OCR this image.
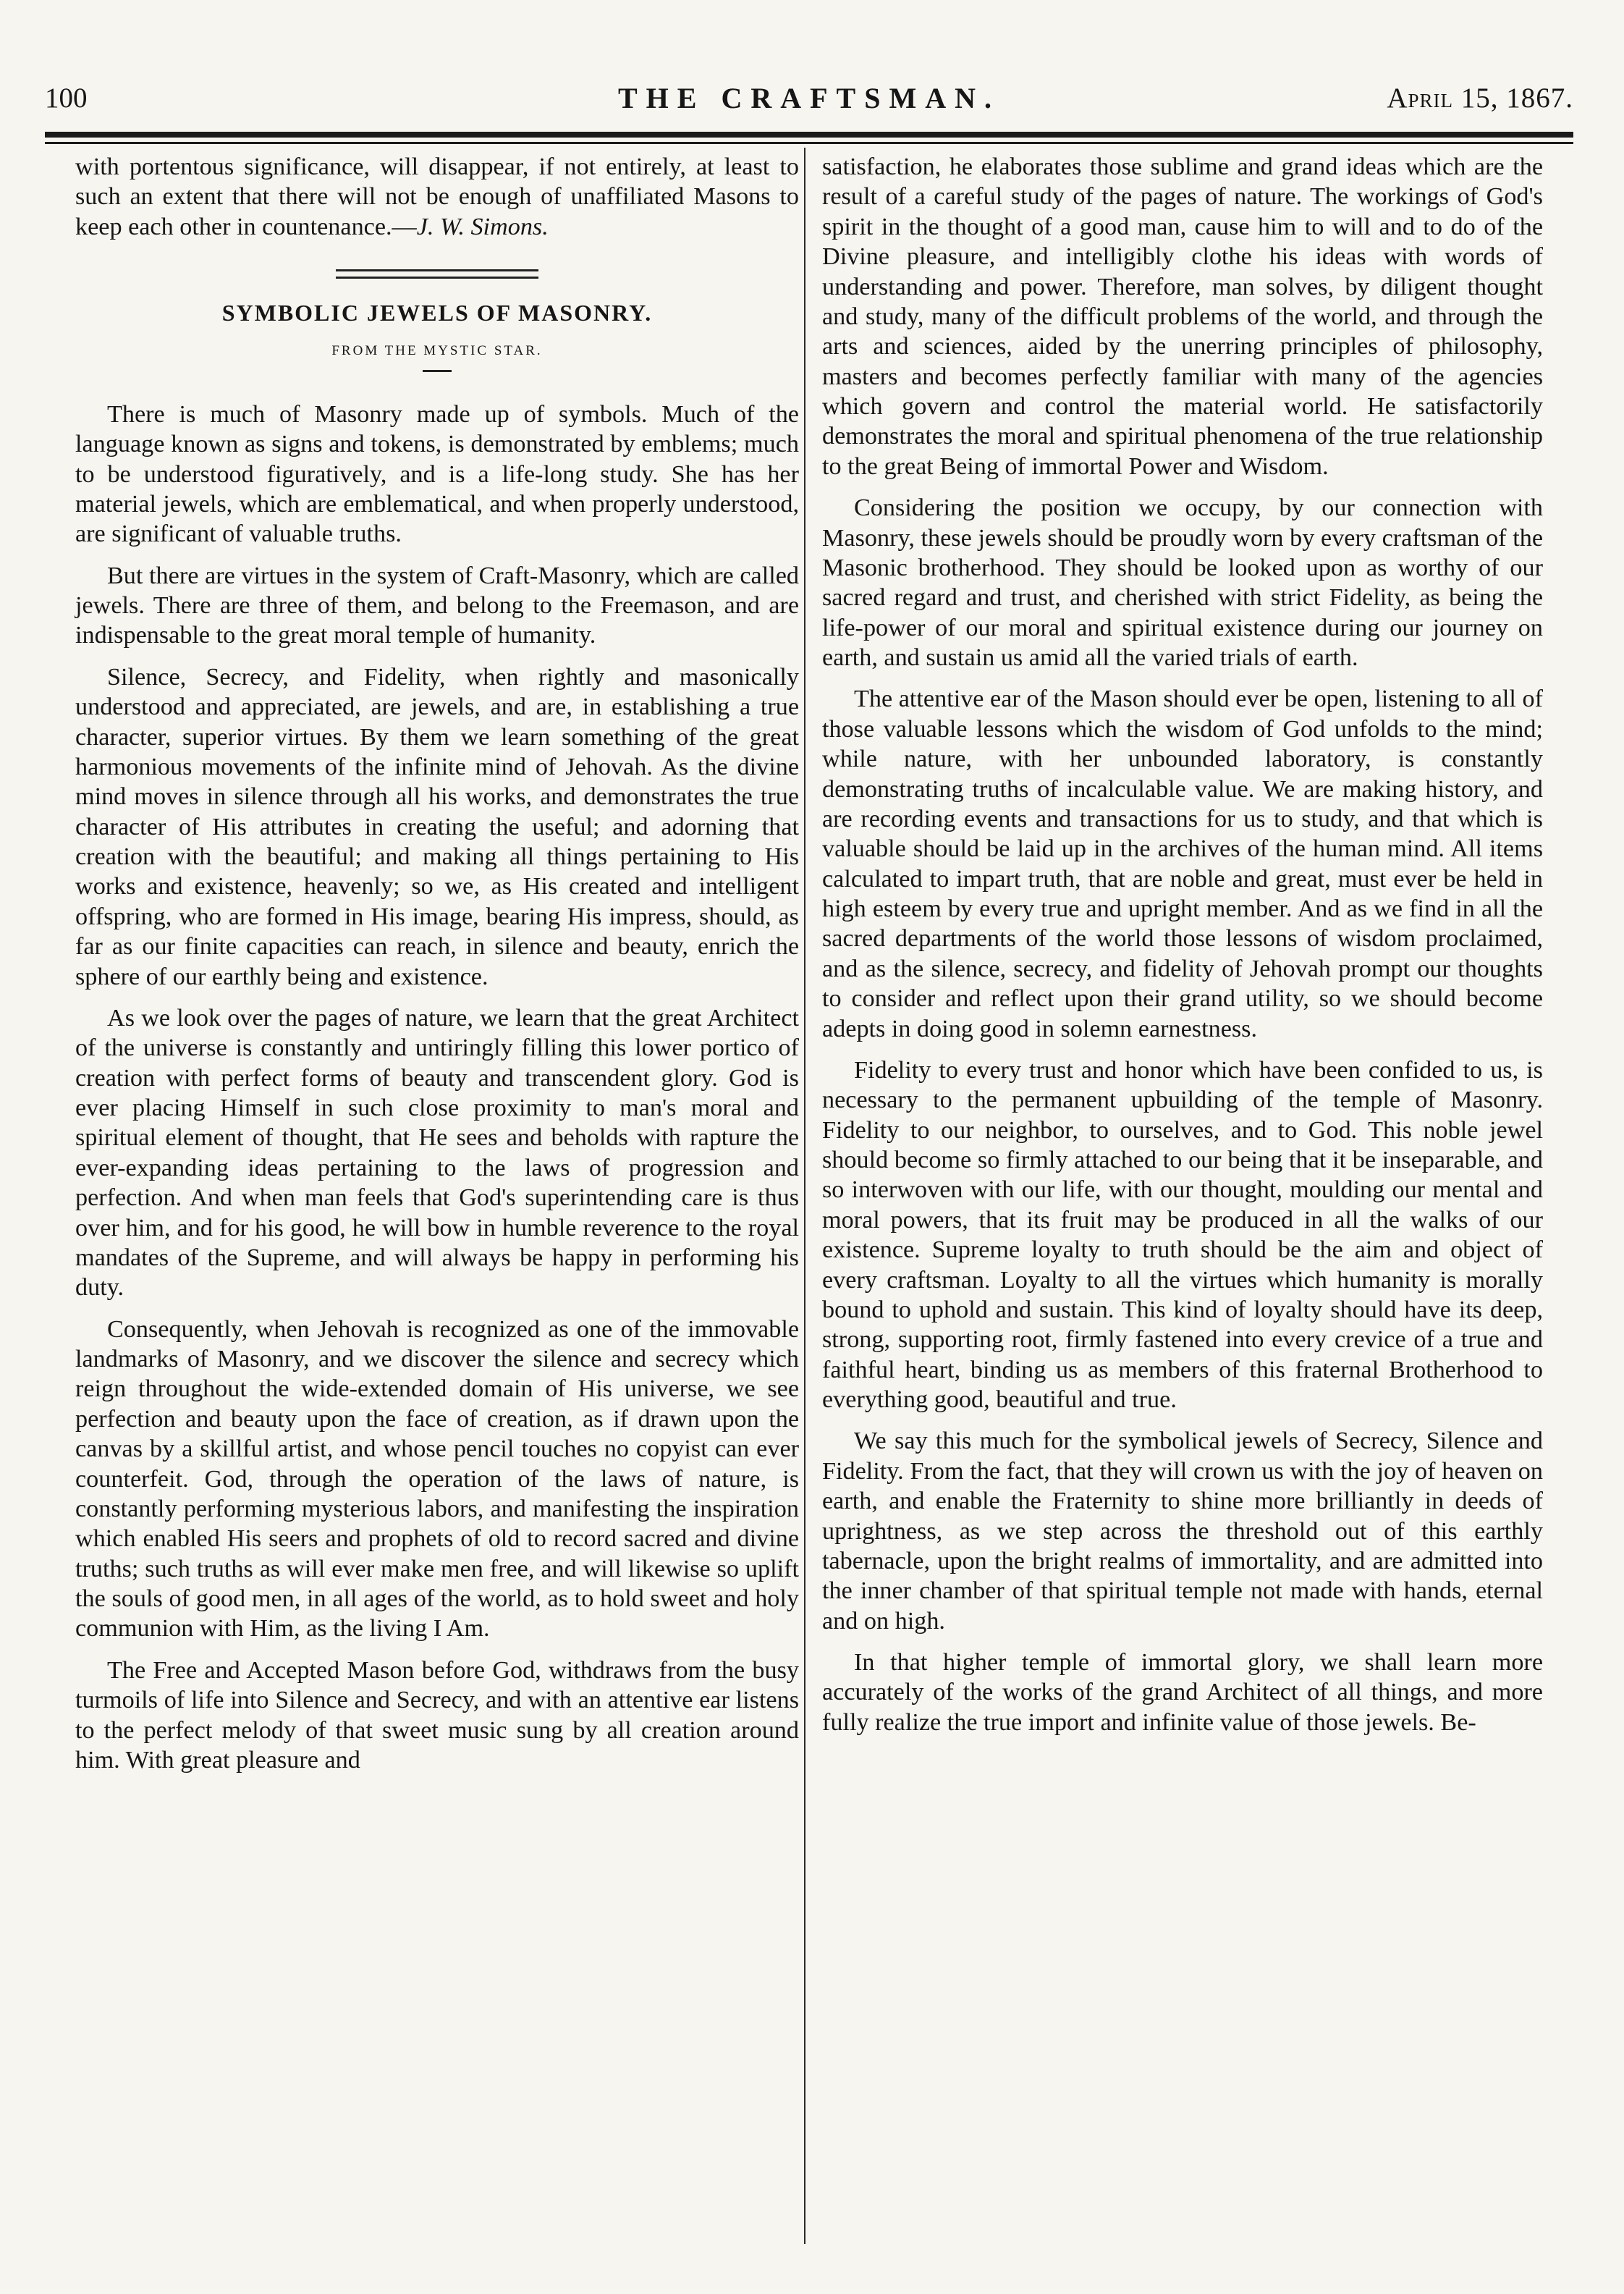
100	THE CRAFTSMAN.	April 15, 1867.

with portentous significance, will disappear, if not entirely, at least to such an extent that there will not be enough of unaffiliated Masons to keep each other in countenance.—J. W. Simons.

SYMBOLIC JEWELS OF MASONRY.
FROM THE MYSTIC STAR.

There is much of Masonry made up of symbols. Much of the language known as signs and tokens, is demonstrated by emblems; much to be understood figuratively, and is a life-long study. She has her material jewels, which are emblematical, and when properly understood, are significant of valuable truths.

But there are virtues in the system of Craft-Masonry, which are called jewels. There are three of them, and belong to the Freemason, and are indispensable to the great moral temple of humanity.

Silence, Secrecy, and Fidelity, when rightly and masonically understood and appreciated, are jewels, and are, in establishing a true character, superior virtues. By them we learn something of the great harmonious movements of the infinite mind of Jehovah. As the divine mind moves in silence through all his works, and demonstrates the true character of His attributes in creating the useful; and adorning that creation with the beautiful; and making all things pertaining to His works and existence, heavenly; so we, as His created and intelligent offspring, who are formed in His image, bearing His impress, should, as far as our finite capacities can reach, in silence and beauty, enrich the sphere of our earthly being and existence.

As we look over the pages of nature, we learn that the great Architect of the universe is constantly and untiringly filling this lower portico of creation with perfect forms of beauty and transcendent glory. God is ever placing Himself in such close proximity to man's moral and spiritual element of thought, that He sees and beholds with rapture the ever-expanding ideas pertaining to the laws of progression and perfection. And when man feels that God's superintending care is thus over him, and for his good, he will bow in humble reverence to the royal mandates of the Supreme, and will always be happy in performing his duty.

Consequently, when Jehovah is recognized as one of the immovable landmarks of Masonry, and we discover the silence and secrecy which reign throughout the wide-extended domain of His universe, we see perfection and beauty upon the face of creation, as if drawn upon the canvas by a skillful artist, and whose pencil touches no copyist can ever counterfeit. God, through the operation of the laws of nature, is constantly performing mysterious labors, and manifesting the inspiration which enabled His seers and prophets of old to record sacred and divine truths; such truths as will ever make men free, and will likewise so uplift the souls of good men, in all ages of the world, as to hold sweet and holy communion with Him, as the living I Am.

The Free and Accepted Mason before God, withdraws from the busy turmoils of life into Silence and Secrecy, and with an attentive ear listens to the perfect melody of that sweet music sung by all creation around him. With great pleasure and

satisfaction, he elaborates those sublime and grand ideas which are the result of a careful study of the pages of nature. The workings of God's spirit in the thought of a good man, cause him to will and to do of the Divine pleasure, and intelligibly clothe his ideas with words of understanding and power. Therefore, man solves, by diligent thought and study, many of the difficult problems of the world, and through the arts and sciences, aided by the unerring principles of philosophy, masters and becomes perfectly familiar with many of the agencies which govern and control the material world. He satisfactorily demonstrates the moral and spiritual phenomena of the true relationship to the great Being of immortal Power and Wisdom.

Considering the position we occupy, by our connection with Masonry, these jewels should be proudly worn by every craftsman of the Masonic brotherhood. They should be looked upon as worthy of our sacred regard and trust, and cherished with strict Fidelity, as being the life-power of our moral and spiritual existence during our journey on earth, and sustain us amid all the varied trials of earth.

The attentive ear of the Mason should ever be open, listening to all of those valuable lessons which the wisdom of God unfolds to the mind; while nature, with her unbounded laboratory, is constantly demonstrating truths of incalculable value. We are making history, and are recording events and transactions for us to study, and that which is valuable should be laid up in the archives of the human mind. All items calculated to impart truth, that are noble and great, must ever be held in high esteem by every true and upright member. And as we find in all the sacred departments of the world those lessons of wisdom proclaimed, and as the silence, secrecy, and fidelity of Jehovah prompt our thoughts to consider and reflect upon their grand utility, so we should become adepts in doing good in solemn earnestness.

Fidelity to every trust and honor which have been confided to us, is necessary to the permanent upbuilding of the temple of Masonry. Fidelity to our neighbor, to ourselves, and to God. This noble jewel should become so firmly attached to our being that it be inseparable, and so interwoven with our life, with our thought, moulding our mental and moral powers, that its fruit may be produced in all the walks of our existence. Supreme loyalty to truth should be the aim and object of every craftsman. Loyalty to all the virtues which humanity is morally bound to uphold and sustain. This kind of loyalty should have its deep, strong, supporting root, firmly fastened into every crevice of a true and faithful heart, binding us as members of this fraternal Brotherhood to everything good, beautiful and true.

We say this much for the symbolical jewels of Secrecy, Silence and Fidelity. From the fact, that they will crown us with the joy of heaven on earth, and enable the Fraternity to shine more brilliantly in deeds of uprightness, as we step across the threshold out of this earthly tabernacle, upon the bright realms of immortality, and are admitted into the inner chamber of that spiritual temple not made with hands, eternal and on high.

In that higher temple of immortal glory, we shall learn more accurately of the works of the grand Architect of all things, and more fully realize the true import and infinite value of those jewels. Be-
